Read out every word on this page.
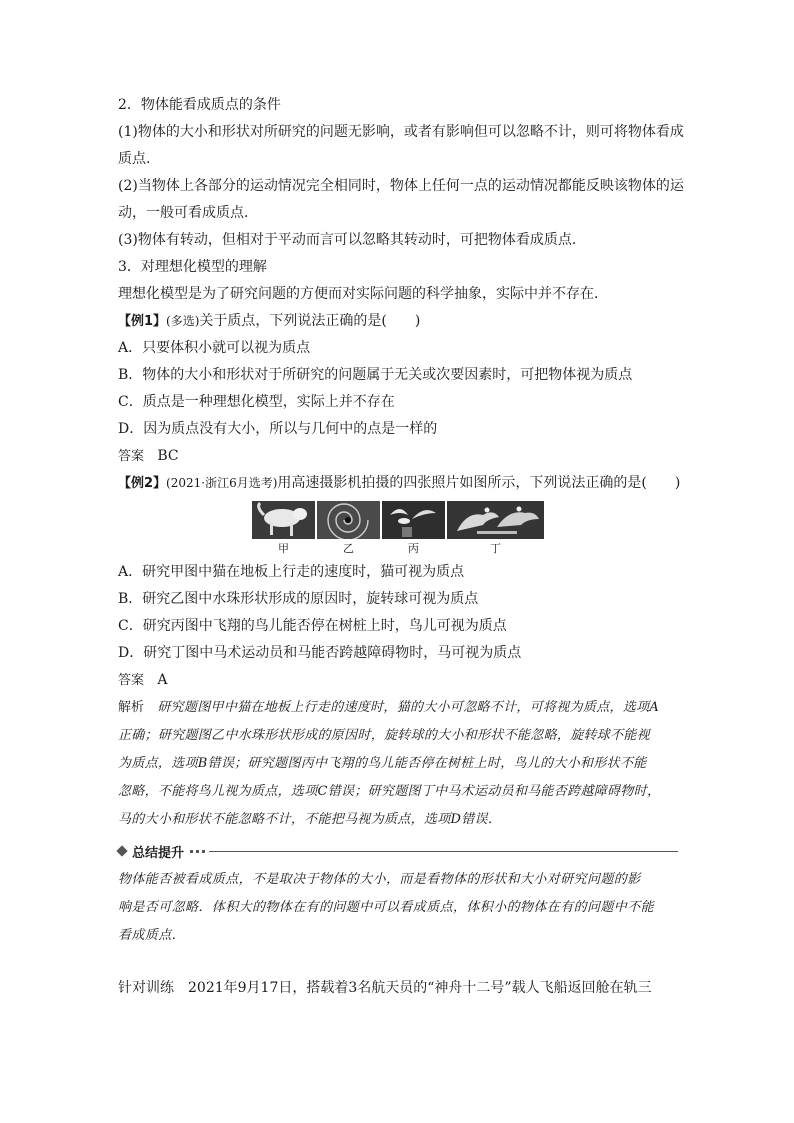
2．物体能看成质点的条件

(1)物体的大小和形状对所研究的问题无影响，或者有影响但可以忽略不计，则可将物体看成

质点．

(2)当物体上各部分的运动情况完全相同时，物体上任何一点的运动情况都能反映该物体的运

动，一般可看成质点．

(3)物体有转动，但相对于平动而言可以忽略其转动时，可把物体看成质点．

3．对理想化模型的理解

理想化模型是为了研究问题的方便而对实际问题的科学抽象，实际中并不存在．

【例1】(多选)关于质点，下列说法正确的是(　　)

A．只要体积小就可以视为质点

B．物体的大小和形状对于所研究的问题属于无关或次要因素时，可把物体视为质点

C．质点是一种理想化模型，实际上并不存在

D．因为质点没有大小，所以与几何中的点是一样的

答案 BC

【例2】(2021·浙江6月选考)用高速摄影机拍摄的四张照片如图所示，下列说法正确的是(　　)

甲	乙	丙	丁

A．研究甲图中猫在地板上行走的速度时，猫可视为质点

B．研究乙图中水珠形状形成的原因时，旋转球可视为质点

C．研究丙图中飞翔的鸟儿能否停在树桩上时，鸟儿可视为质点

D．研究丁图中马术运动员和马能否跨越障碍物时，马可视为质点

答案 A

解析 研究题图甲中猫在地板上行走的速度时，猫的大小可忽略不计，可将视为质点，选项A
正确；研究题图乙中水珠形状形成的原因时，旋转球的大小和形状不能忽略，旋转球不能视
为质点，选项B错误；研究题图丙中飞翔的鸟儿能否停在树桩上时，鸟儿的大小和形状不能
忽略，不能将鸟儿视为质点，选项C错误；研究题图丁中马术运动员和马能否跨越障碍物时，
马的大小和形状不能忽略不计，不能把马视为质点，选项D错误．
总结提升
物体能否被看成质点，不是取决于物体的大小，而是看物体的形状和大小对研究问题的影
响是否可忽略．体积大的物体在有的问题中可以看成质点，体积小的物体在有的问题中不能
看成质点．

针对训练　2021年9月17日，搭载着3名航天员的“神舟十二号”载人飞船返回舱在轨三
